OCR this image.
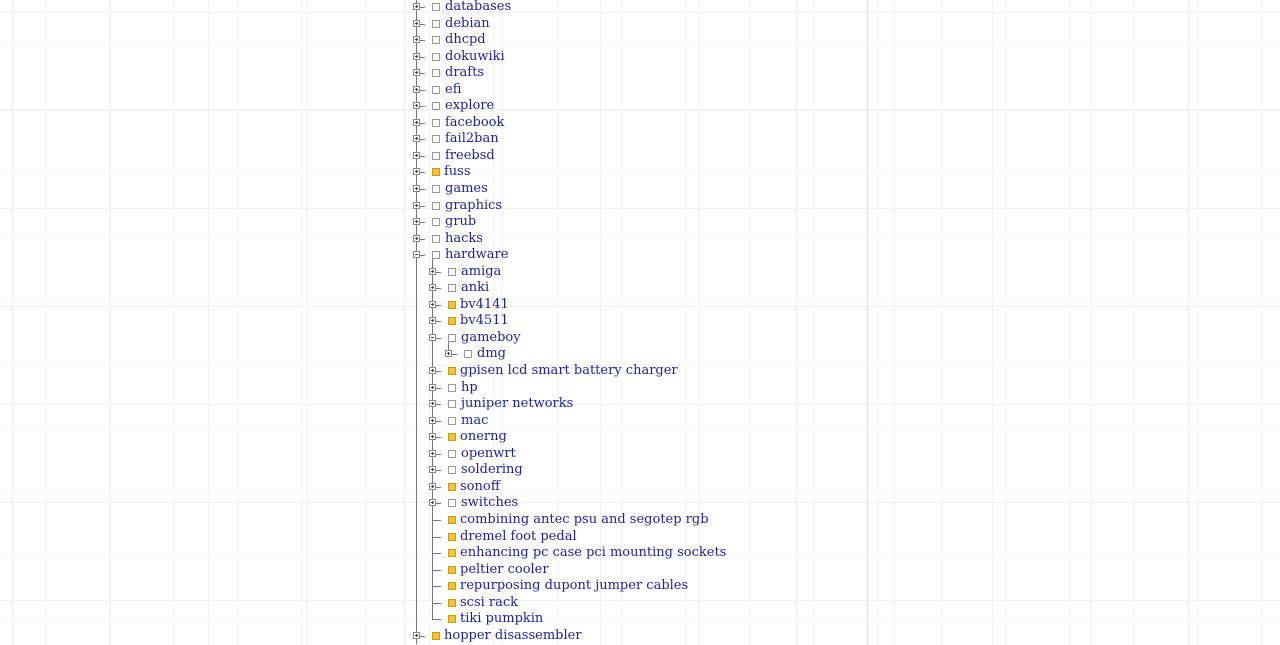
databases
debian
dhcpd
dokuwiki
drafts
efi
explore
facebook
fail2ban
freebsd
fuss
games
graphics
grub
hacks
hardware
amiga
anki
bv4141
bv4511
gameboy
dmg
gpisen lcd smart battery charger
hp
juniper networks
mac
onerng
openwrt
soldering
sonoff
switches
combining antec psu and segotep rgb
dremel foot pedal
enhancing pc case pci mounting sockets
peltier cooler
repurposing dupont jumper cables
scsi rack
tiki pumpkin
hopper disassembler
